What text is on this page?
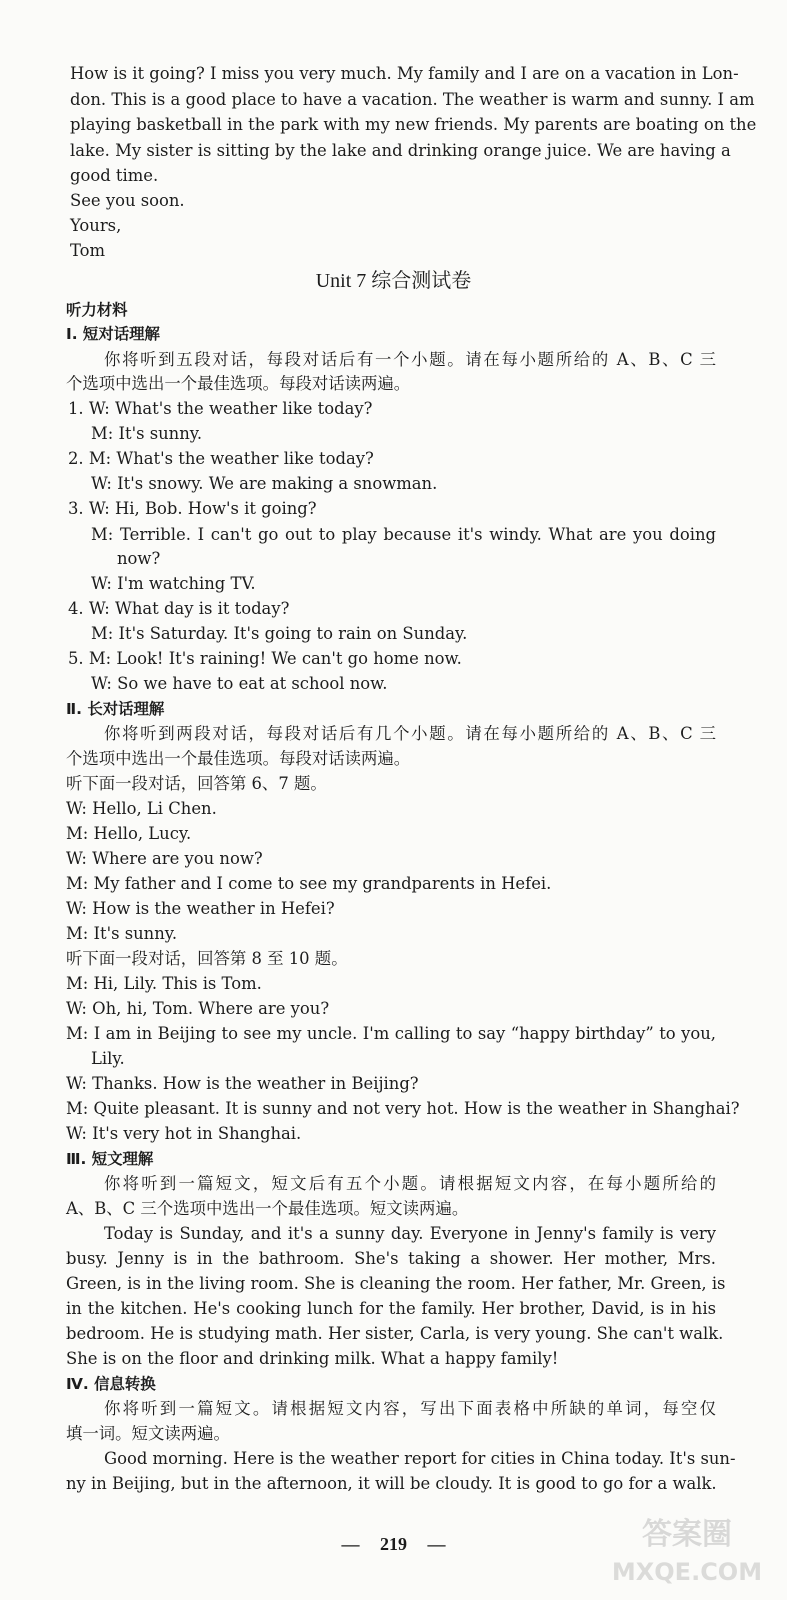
How is it going? I miss you very much. My family and I are on a vacation in Lon-
don. This is a good place to have a vacation. The weather is warm and sunny. I am
playing basketball in the park with my new friends. My parents are boating on the
lake. My sister is sitting by the lake and drinking orange juice. We are having a
good time.
See you soon.
Yours,
Tom
Unit 7 综合测试卷
听力材料
Ⅰ. 短对话理解
你将听到五段对话，每段对话后有一个小题。请在每小题所给的 A、B、C 三
个选项中选出一个最佳选项。每段对话读两遍。
1. W: What's the weather like today?
M: It's sunny.
2. M: What's the weather like today?
W: It's snowy. We are making a snowman.
3. W: Hi, Bob. How's it going?
M: Terrible. I can't go out to play because it's windy. What are you doing
now?
W: I'm watching TV.
4. W: What day is it today?
M: It's Saturday. It's going to rain on Sunday.
5. M: Look! It's raining! We can't go home now.
W: So we have to eat at school now.
Ⅱ. 长对话理解
你将听到两段对话，每段对话后有几个小题。请在每小题所给的 A、B、C 三
个选项中选出一个最佳选项。每段对话读两遍。
听下面一段对话，回答第 6、7 题。
W: Hello, Li Chen.
M: Hello, Lucy.
W: Where are you now?
M: My father and I come to see my grandparents in Hefei.
W: How is the weather in Hefei?
M: It's sunny.
听下面一段对话，回答第 8 至 10 题。
M: Hi, Lily. This is Tom.
W: Oh, hi, Tom. Where are you?
M: I am in Beijing to see my uncle. I'm calling to say “happy birthday” to you,
Lily.
W: Thanks. How is the weather in Beijing?
M: Quite pleasant. It is sunny and not very hot. How is the weather in Shanghai?
W: It's very hot in Shanghai.
Ⅲ. 短文理解
你将听到一篇短文，短文后有五个小题。请根据短文内容，在每小题所给的
A、B、C 三个选项中选出一个最佳选项。短文读两遍。
Today is Sunday, and it's a sunny day. Everyone in Jenny's family is very
busy. Jenny is in the bathroom. She's taking a shower. Her mother, Mrs.
Green, is in the living room. She is cleaning the room. Her father, Mr. Green, is
in the kitchen. He's cooking lunch for the family. Her brother, David, is in his
bedroom. He is studying math. Her sister, Carla, is very young. She can't walk.
She is on the floor and drinking milk. What a happy family!
Ⅳ. 信息转换
你将听到一篇短文。请根据短文内容，写出下面表格中所缺的单词，每空仅
填一词。短文读两遍。
Good morning. Here is the weather report for cities in China today. It's sun-
ny in Beijing, but in the afternoon, it will be cloudy. It is good to go for a walk.
— 219 —	答案圈
MXQE.COM
